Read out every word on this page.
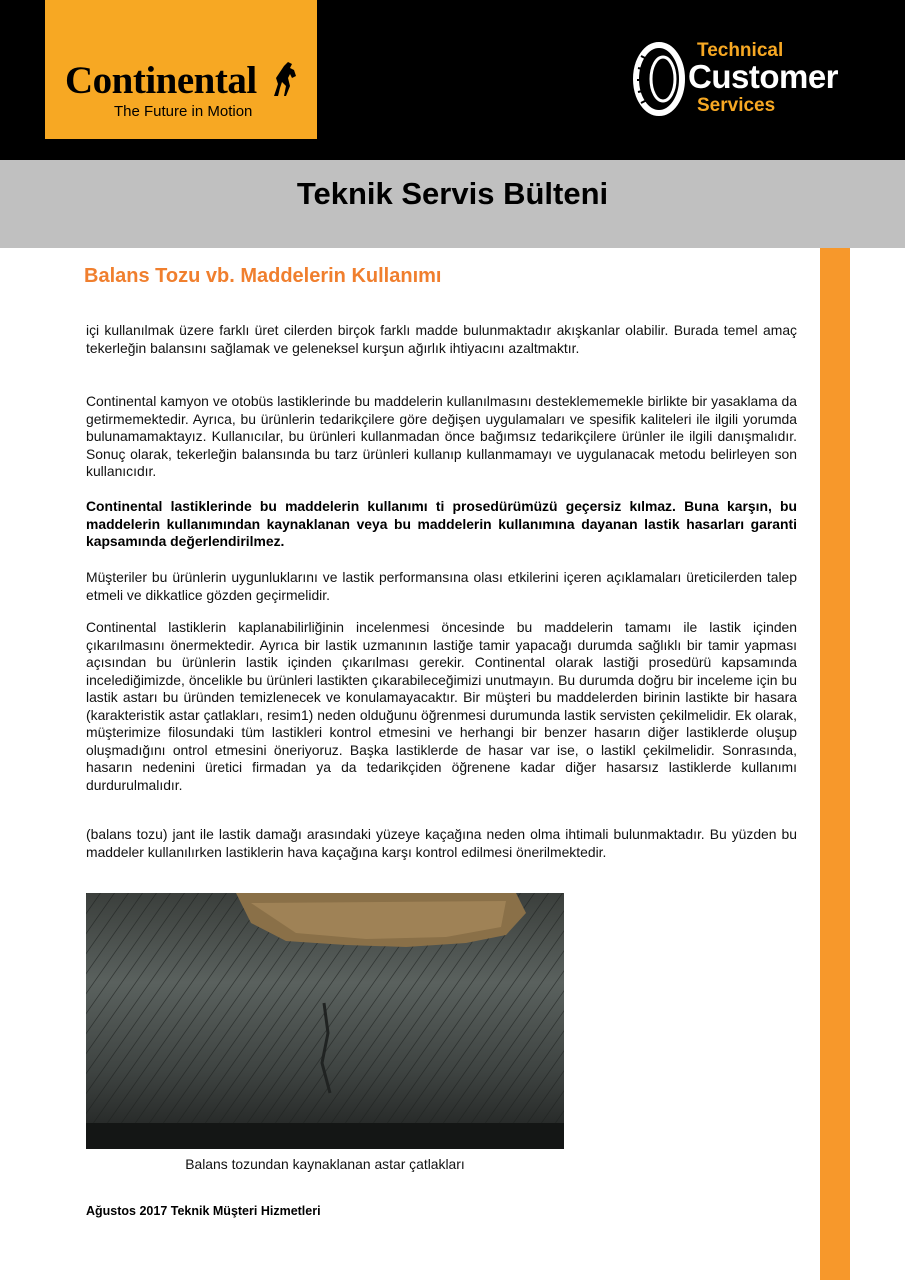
Continental
The Future in Motion
Technical
Customer
Services
Teknik Servis Bülteni
Balans Tozu vb. Maddelerin Kullanımı

içi kullanılmak üzere farklı üret cilerden birçok farklı madde bulunmaktadır akışkanlar olabilir. Burada temel amaç tekerleğin balansını sağlamak ve geleneksel kurşun ağırlık ihtiyacını azaltmaktır.

Continental kamyon ve otobüs lastiklerinde bu maddelerin kullanılmasını desteklememekle birlikte bir yasaklama da getirmemektedir. Ayrıca, bu ürünlerin tedarikçilere göre değişen uygulamaları ve spesifik kaliteleri ile ilgili yorumda bulunamamaktayız. Kullanıcılar, bu ürünleri kullanmadan önce bağımsız tedarikçilere ürünler ile ilgili danışmalıdır. Sonuç olarak, tekerleğin balansında bu tarz ürünleri kullanıp kullanmamayı ve uygulanacak metodu belirleyen son kullanıcıdır.

Continental lastiklerinde bu maddelerin kullanımı ti prosedürümüzü geçersiz kılmaz. Buna karşın, bu maddelerin kullanımından kaynaklanan veya bu maddelerin kullanımına dayanan lastik hasarları garanti kapsamında değerlendirilmez.

Müşteriler bu ürünlerin uygunluklarını ve lastik performansına olası etkilerini içeren açıklamaları üreticilerden talep etmeli ve dikkatlice gözden geçirmelidir.

Continental lastiklerin kaplanabilirliğinin incelenmesi öncesinde bu maddelerin tamamı ile lastik içinden çıkarılmasını önermektedir. Ayrıca bir lastik uzmanının lastiğe tamir yapacağı durumda sağlıklı bir tamir yapması açısından bu ürünlerin lastik içinden çıkarılması gerekir. Continental olarak lastiği prosedürü kapsamında incelediğimizde, öncelikle bu ürünleri lastikten çıkarabileceğimizi unutmayın. Bu durumda doğru bir inceleme için bu lastik astarı bu üründen temizlenecek ve konulamayacaktır. Bir müşteri bu maddelerden birinin lastikte bir hasara (karakteristik astar çatlakları, resim1) neden olduğunu öğrenmesi durumunda lastik servisten çekilmelidir. Ek olarak, müşterimize filosundaki tüm lastikleri kontrol etmesini ve herhangi bir benzer hasarın diğer lastiklerde oluşup oluşmadığını ontrol etmesini öneriyoruz. Başka lastiklerde de hasar var ise, o lastikl çekilmelidir. Sonrasında, hasarın nedenini üretici firmadan ya da tedarikçiden öğrenene kadar diğer hasarsız lastiklerde kullanımı durdurulmalıdır.

(balans tozu) jant ile lastik damağı arasındaki yüzeye kaçağına neden olma ihtimali bulunmaktadır. Bu yüzden bu maddeler kullanılırken lastiklerin hava kaçağına karşı kontrol edilmesi önerilmektedir.

Balans tozundan kaynaklanan astar çatlakları
Ağustos 2017 Teknik Müşteri Hizmetleri
